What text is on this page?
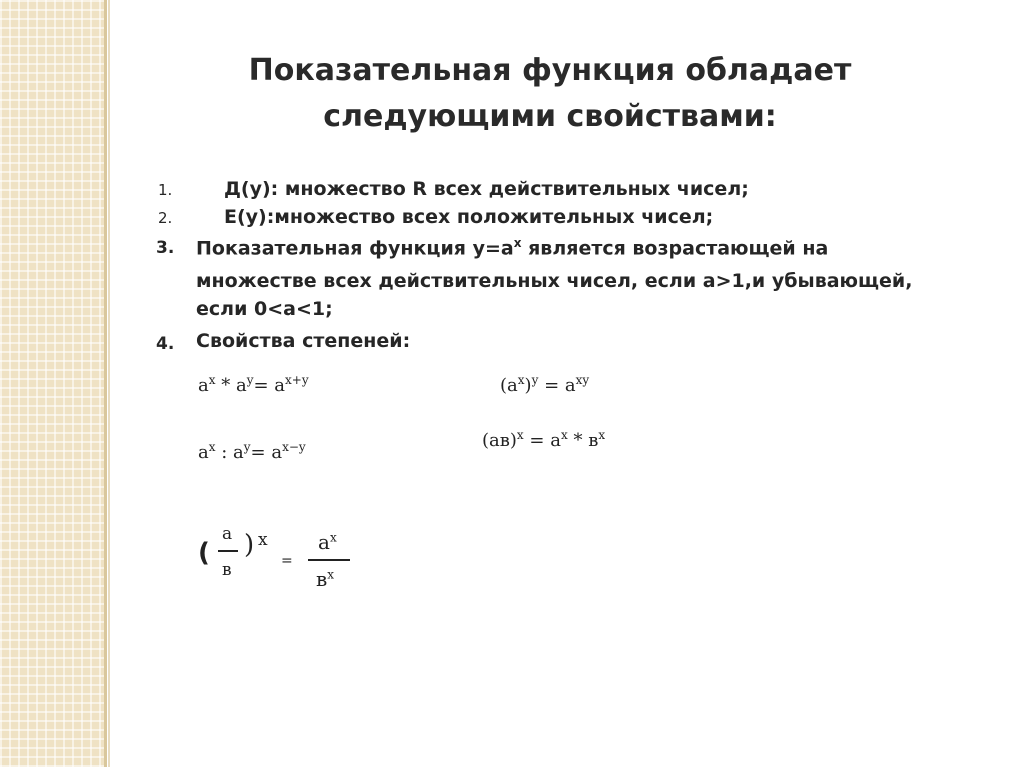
Показательная функция обладает
следующими свойствами:
1.	Д(у): множество R всех действительных чисел;
2.	Е(у):множество всех положительных чисел;
3. Показательная функция $у=а^x$ является возрастающей на
множестве всех действительных чисел, если а>1,и убывающей,
если 0<а<1;
4. Свойства степеней:
$а^x * а^y= а^{x+y}$
$а^x$ : $а^y= а^{x-y}$
$(а^x)^y = а^{xy}$
$(ав)^x = а^x * в^x$
(
а
в
) x
=
$а^x$
$в^x$
